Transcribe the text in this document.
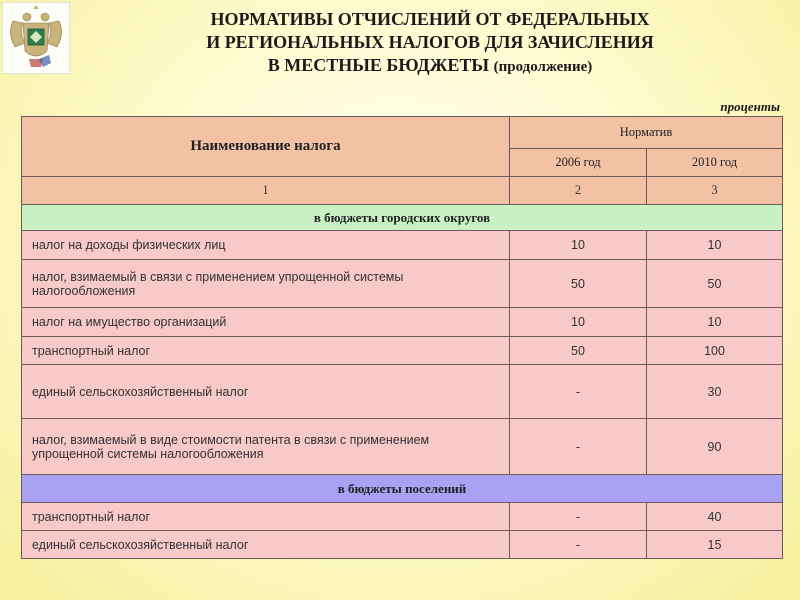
НОРМАТИВЫ ОТЧИСЛЕНИЙ ОТ ФЕДЕРАЛЬНЫХ
И РЕГИОНАЛЬНЫХ НАЛОГОВ ДЛЯ ЗАЧИСЛЕНИЯ
В МЕСТНЫЕ БЮДЖЕТЫ (продолжение)
проценты
Наименование налога	Норматив	
	2006 год	2010 год
1	2	3
в бюджеты городских округов		
налог на доходы физических лиц	10	10
налог, взимаемый в связи с применением упрощенной системы
налогообложения	50	50
налог на имущество организаций	10	10
транспортный налог	50	100
единый сельскохозяйственный налог	-	30
налог, взимаемый в виде стоимости патента в связи с применением
упрощенной системы налогообложения	-	90
в бюджеты поселений		
транспортный налог	-	40
единый сельскохозяйственный налог	-	15
